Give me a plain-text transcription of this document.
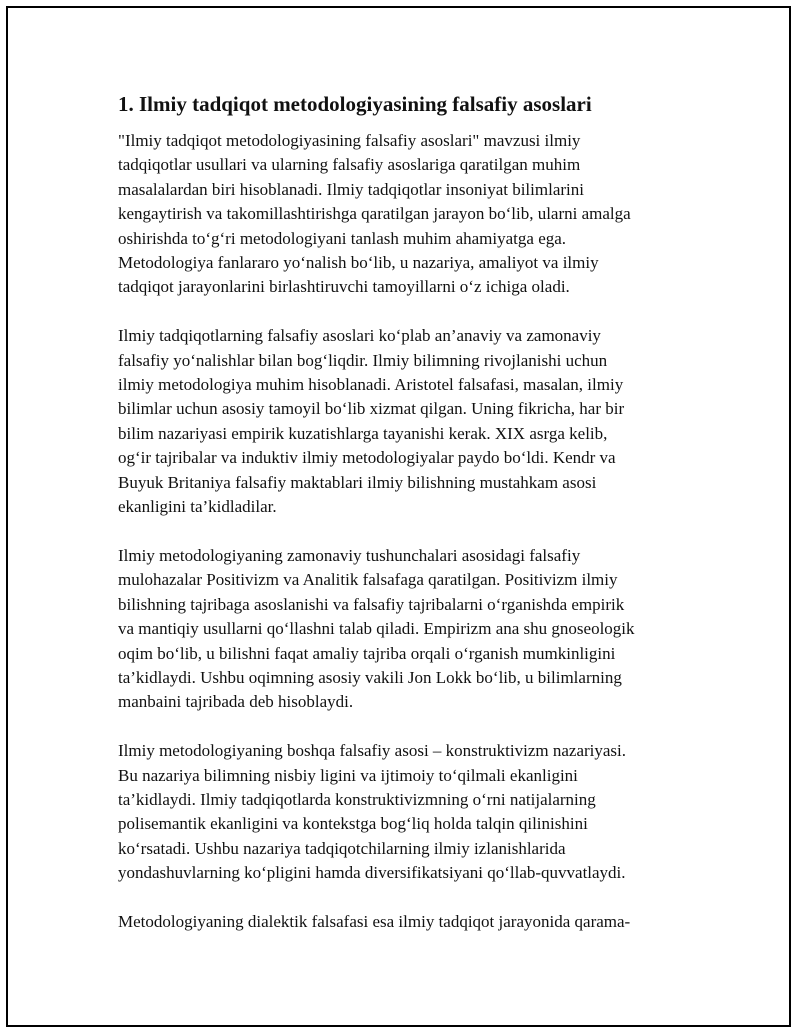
1. Ilmiy tadqiqot metodologiyasining falsafiy asoslari

"Ilmiy tadqiqot metodologiyasining falsafiy asoslari" mavzusi ilmiy
tadqiqotlar usullari va ularning falsafiy asoslariga qaratilgan muhim
masalalardan biri hisoblanadi. Ilmiy tadqiqotlar insoniyat bilimlarini
kengaytirish va takomillashtirishga qaratilgan jarayon bo‘lib, ularni amalga
oshirishda to‘g‘ri metodologiyani tanlash muhim ahamiyatga ega.
Metodologiya fanlararo yo‘nalish bo‘lib, u nazariya, amaliyot va ilmiy
tadqiqot jarayonlarini birlashtiruvchi tamoyillarni o‘z ichiga oladi.

Ilmiy tadqiqotlarning falsafiy asoslari ko‘plab an’anaviy va zamonaviy
falsafiy yo‘nalishlar bilan bog‘liqdir. Ilmiy bilimning rivojlanishi uchun
ilmiy metodologiya muhim hisoblanadi. Aristotel falsafasi, masalan, ilmiy
bilimlar uchun asosiy tamoyil bo‘lib xizmat qilgan. Uning fikricha, har bir
bilim nazariyasi empirik kuzatishlarga tayanishi kerak. XIX asrga kelib,
og‘ir tajribalar va induktiv ilmiy metodologiyalar paydo bo‘ldi. Kendr va
Buyuk Britaniya falsafiy maktablari ilmiy bilishning mustahkam asosi
ekanligini ta’kidladilar.

Ilmiy metodologiyaning zamonaviy tushunchalari asosidagi falsafiy
mulohazalar Positivizm va Analitik falsafaga qaratilgan. Positivizm ilmiy
bilishning tajribaga asoslanishi va falsafiy tajribalarni o‘rganishda empirik
va mantiqiy usullarni qo‘llashni talab qiladi. Empirizm ana shu gnoseologik
oqim bo‘lib, u bilishni faqat amaliy tajriba orqali o‘rganish mumkinligini
ta’kidlaydi. Ushbu oqimning asosiy vakili Jon Lokk bo‘lib, u bilimlarning
manbaini tajribada deb hisoblaydi.

Ilmiy metodologiyaning boshqa falsafiy asosi – konstruktivizm nazariyasi.
Bu nazariya bilimning nisbiy ligini va ijtimoiy to‘qilmali ekanligini
ta’kidlaydi. Ilmiy tadqiqotlarda konstruktivizmning o‘rni natijalarning
polisemantik ekanligini va kontekstga bog‘liq holda talqin qilinishini
ko‘rsatadi. Ushbu nazariya tadqiqotchilarning ilmiy izlanishlarida
yondashuvlarning ko‘pligini hamda diversifikatsiyani qo‘llab-quvvatlaydi.

Metodologiyaning dialektik falsafasi esa ilmiy tadqiqot jarayonida qarama-
